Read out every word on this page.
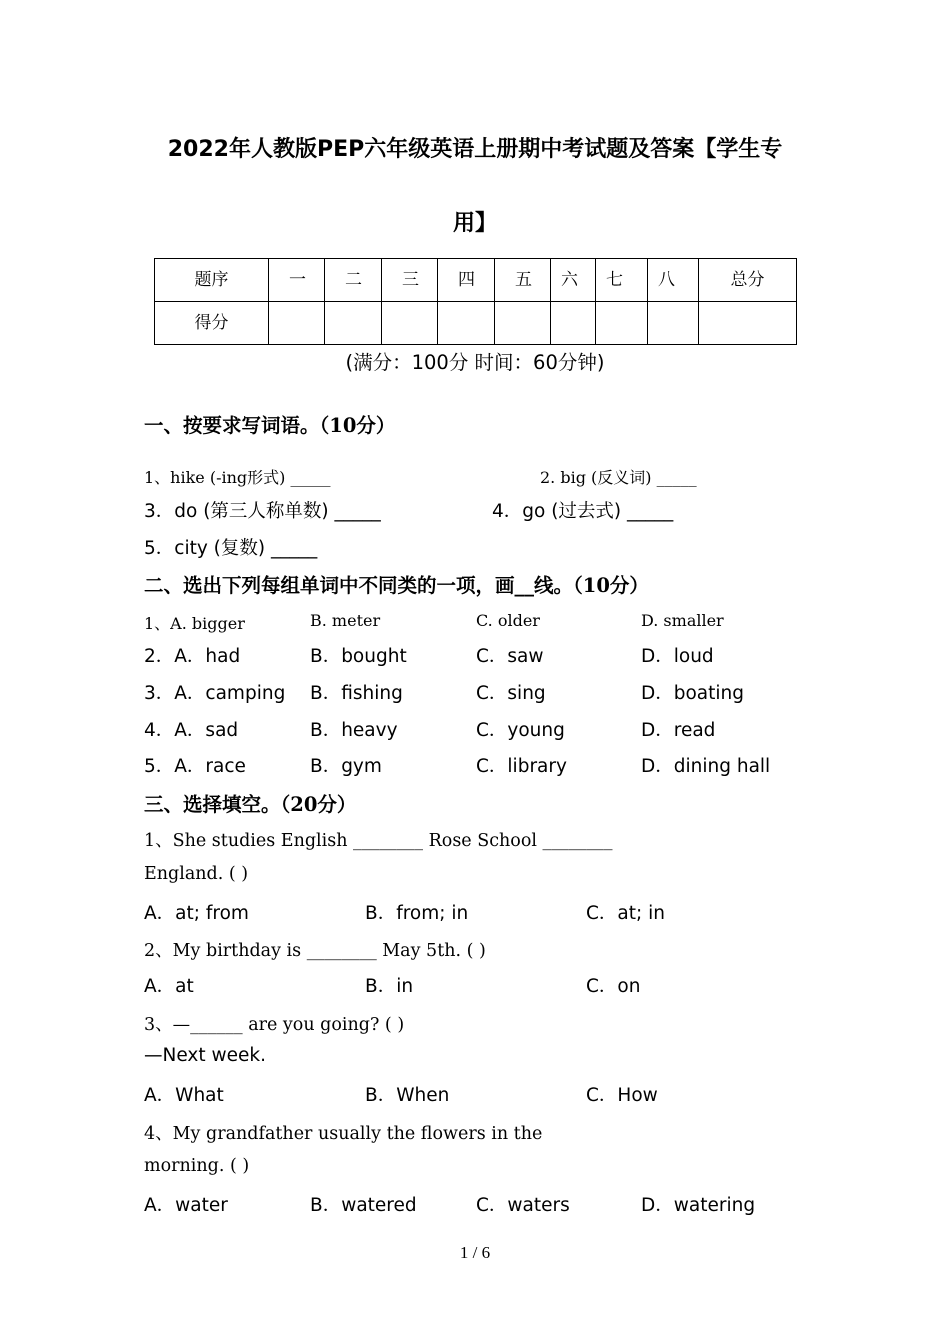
2022年人教版PEP六年级英语上册期中考试题及答案【学生专
用】
题序	一	二	三	四	五	六	七	八	总分
得分									
(满分：100分 时间：60分钟)
一、按要求写词语。（10分）
1、hike (-ing形式) _____	2. big (反义词) _____
3．do (第三人称单数) _____	4．go (过去式) _____
5．city (复数) _____
二、选出下列每组单词中不同类的一项，画__线。（10分）
1、A. bigger	B. meter	C. older	D. smaller
2．A．had	B．bought	C．saw	D．loud
3．A．camping B．fishing	C．sing	D．boating
4．A．sad	B．heavy	C．young	D．read
5．A．race	B．gym	C．library	D．dining hall
三、选择填空。（20分）
1、She studies English ________ Rose School ________
England. ( )
A．at; from	B．from; in	C．at; in
2、My birthday is ________ May 5th. ( )
A．at	B．in	C．on
3、—______ are you going? ( )
—Next week.
A．What	B．When	C．How
4、My grandfather usually the flowers in the
morning. ( )
A．water	B．watered	C．waters	D．watering
1 / 6
